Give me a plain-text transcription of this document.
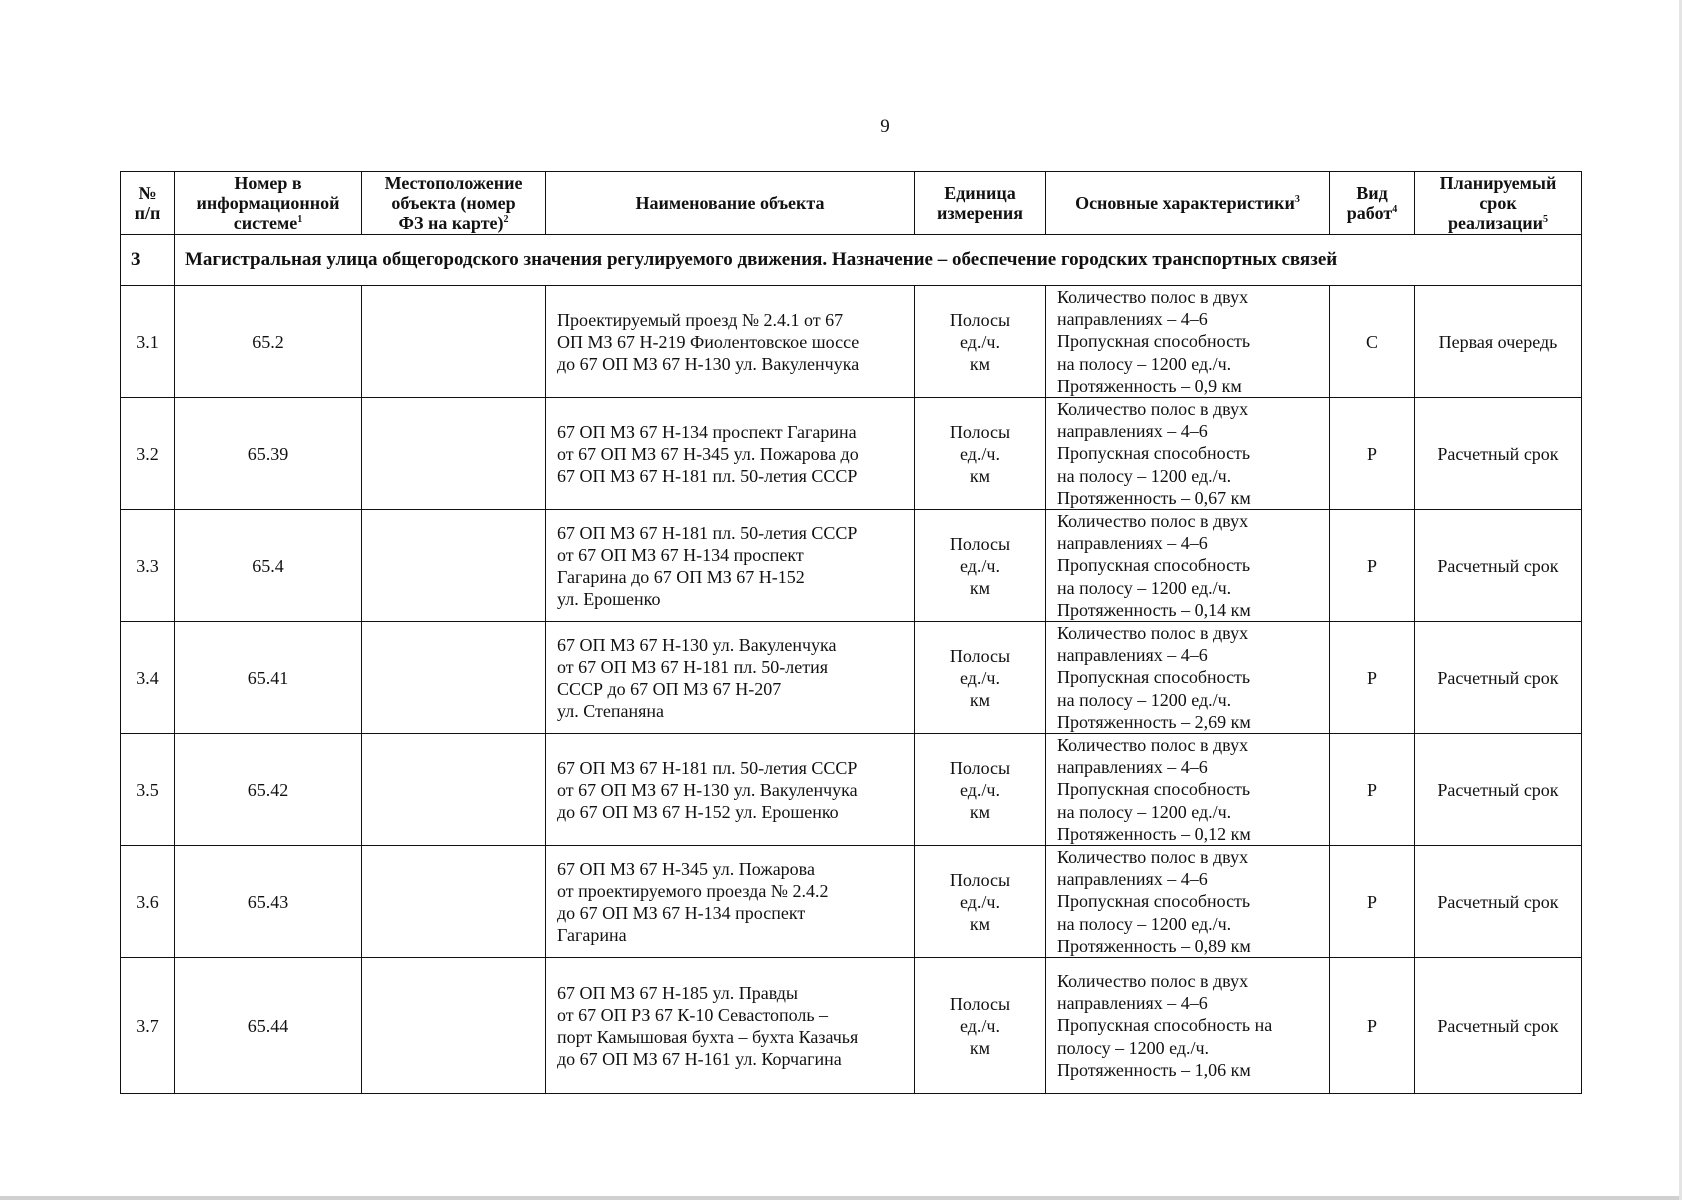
9
№
п/п	Номер в
информационной
системе$^1$	Местоположение
объекта (номер
ФЗ на карте)$^2$	Наименование объекта	Единица
измерения	Основные характеристики$^3$	Вид
работ$^4$	Планируемый
срок
реализации$^5$

3	Магистральная улица общегородского значения регулируемого движения. Назначение – обеспечение городских транспортных связей						
3.1	65.2		Проектируемый проезд № 2.4.1 от 67
ОП МЗ 67 Н-219 Фиолентовское шоссе
до 67 ОП МЗ 67 Н-130 ул. Вакуленчука	Полосы
ед./ч.
км	Количество полос в двух
направлениях – 4–6
Пропускная способность
на полосу – 1200 ед./ч.
Протяженность – 0,9 км	С	Первая очередь
3.2	65.39		67 ОП МЗ 67 Н-134 проспект Гагарина
от 67 ОП МЗ 67 Н-345 ул. Пожарова до
67 ОП МЗ 67 Н-181 пл. 50-летия СССР	Полосы
ед./ч.
км	Количество полос в двух
направлениях – 4–6
Пропускная способность
на полосу – 1200 ед./ч.
Протяженность – 0,67 км	Р	Расчетный срок
3.3	65.4		67 ОП МЗ 67 Н-181 пл. 50-летия СССР
от 67 ОП МЗ 67 Н-134 проспект
Гагарина до 67 ОП МЗ 67 Н-152
ул. Ерошенко	Полосы
ед./ч.
км	Количество полос в двух
направлениях – 4–6
Пропускная способность
на полосу – 1200 ед./ч.
Протяженность – 0,14 км	Р	Расчетный срок
3.4	65.41		67 ОП МЗ 67 Н-130 ул. Вакуленчука
от 67 ОП МЗ 67 Н-181 пл. 50-летия
СССР до 67 ОП МЗ 67 Н-207
ул. Степаняна	Полосы
ед./ч.
км	Количество полос в двух
направлениях – 4–6
Пропускная способность
на полосу – 1200 ед./ч.
Протяженность – 2,69 км	Р	Расчетный срок
3.5	65.42		67 ОП МЗ 67 Н-181 пл. 50-летия СССР
от 67 ОП МЗ 67 Н-130 ул. Вакуленчука
до 67 ОП МЗ 67 Н-152 ул. Ерошенко	Полосы
ед./ч.
км	Количество полос в двух
направлениях – 4–6
Пропускная способность
на полосу – 1200 ед./ч.
Протяженность – 0,12 км	Р	Расчетный срок
3.6	65.43		67 ОП МЗ 67 Н-345 ул. Пожарова
от проектируемого проезда № 2.4.2
до 67 ОП МЗ 67 Н-134 проспект
Гагарина	Полосы
ед./ч.
км	Количество полос в двух
направлениях – 4–6
Пропускная способность
на полосу – 1200 ед./ч.
Протяженность – 0,89 км	Р	Расчетный срок
3.7	65.44		67 ОП МЗ 67 Н-185 ул. Правды
от 67 ОП РЗ 67 К-10 Севастополь –
порт Камышовая бухта – бухта Казачья
до 67 ОП МЗ 67 Н-161 ул. Корчагина	Полосы
ед./ч.
км	Количество полос в двух
направлениях – 4–6
Пропускная способность на
полосу – 1200 ед./ч.
Протяженность – 1,06 км	Р	Расчетный срок
